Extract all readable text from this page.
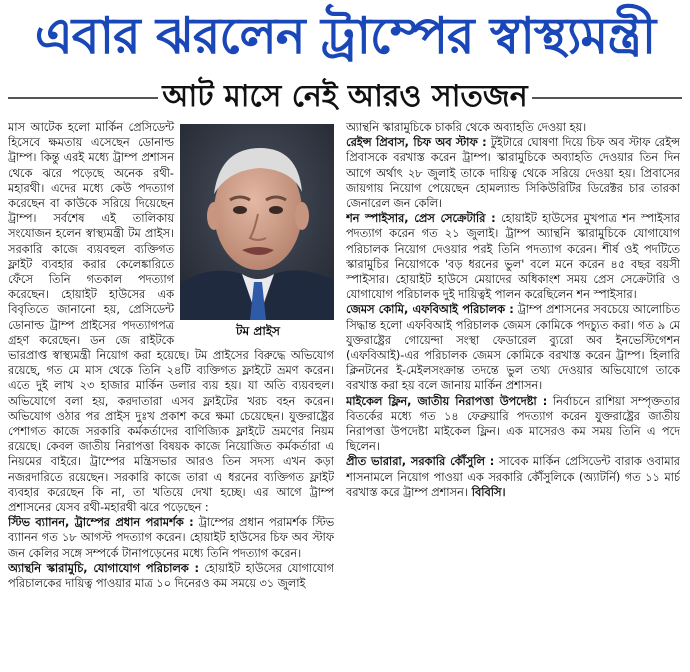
এবার ঝরলেন ট্রাম্পের স্বাস্থ্যমন্ত্রী
আট মাসে নেই আরও সাতজন
টম প্রাইস

মাস আটেক হলো মার্কিন প্রেসিডেন্ট হিসেবে ক্ষমতায় এসেছেন ডোনাল্ড ট্রাম্প। কিন্তু এরই মধ্যে ট্রাম্প প্রশাসন থেকে ঝরে পড়েছে অনেক রথী-মহারথী। এদের মধ্যে কেউ পদত্যাগ করেছেন বা কাউকে সরিয়ে দিয়েছেন ট্রাম্প। সর্বশেষ এই তালিকায় সংযোজন হলেন স্বাস্থ্যমন্ত্রী টম প্রাইস। সরকারি কাজে ব্যয়বহুল ব্যক্তিগত ফ্লাইট ব্যবহার করার কেলেঙ্কারিতে ফেঁসে তিনি গতকাল পদত্যাগ করেছেন। হোয়াইট হাউসের এক বিবৃতিতে জানানো হয়, প্রেসিডেন্ট ডোনাল্ড ট্রাম্প প্রাইসের পদত্যাগপত্র গ্রহণ করেছেন। ডন জে রাইটকে ভারপ্রাপ্ত স্বাস্থ্যমন্ত্রী নিয়োগ করা হয়েছে। টম প্রাইসের বিরুদ্ধে অভিযোগ রয়েছে, গত মে মাস থেকে তিনি ২৪টি ব্যক্তিগত ফ্লাইটে ভ্রমণ করেন। এতে দুই লাখ ২৩ হাজার মার্কিন ডলার ব্যয় হয়। যা অতি ব্যয়বহুল। অভিযোগে বলা হয়, করদাতারা এসব ফ্লাইটের খরচ বহন করেন। অভিযোগ ওঠার পর প্রাইস দুঃখ প্রকাশ করে ক্ষমা চেয়েছেন। যুক্তরাষ্ট্রের পেশাগত কাজে সরকারি কর্মকর্তাদের বাণিজ্যিক ফ্লাইটে ভ্রমণের নিয়ম রয়েছে। কেবল জাতীয় নিরাপত্তা বিষয়ক কাজে নিয়োজিত কর্মকর্তারা এ নিয়মের বাইরে। ট্রাম্পের মন্ত্রিসভার আরও তিন সদস্য এখন কড়া নজরদারিতে রয়েছেন। সরকারি কাজে তারা এ ধরনের ব্যক্তিগত ফ্লাইট ব্যবহার করেছেন কি না, তা খতিয়ে দেখা হচ্ছে। এর আগে ট্রাম্প প্রশাসনের যেসব রথী-মহারথী ঝরে পড়েছেন :

স্টিভ ব্যাানন, ট্রাম্পের প্রধান পরামর্শক : ট্রাম্পের প্রধান পরামর্শক স্টিভ ব্যাানন গত ১৮ আগস্ট পদত্যাগ করেন। হোয়াইট হাউসের চিফ অব স্টাফ জন কেলির সঙ্গে সম্পর্কে টানাপড়েনের মধ্যে তিনি পদত্যাগ করেন।

অ্যান্থনি স্কারামুচি, যোগাযোগ পরিচালক : হোয়াইট হাউসের যোগাযোগ পরিচালকের দায়িত্ব পাওয়ার মাত্র ১০ দিনেরও কম সময়ে ৩১ জুলাই

অ্যান্থনি স্কারামুচিকে চাকরি থেকে অব্যাহতি দেওয়া হয়।

রেইন্স প্রিবাস, চিফ অব স্টাফ : টুইটারে ঘোষণা দিয়ে চিফ অব স্টাফ রেইন্স প্রিবাসকে বরখাস্ত করেন ট্রাম্প। স্কারামুচিকে অব্যাহতি দেওয়ার তিন দিন আগে অর্থাৎ ২৮ জুলাই তাকে দায়িত্ব থেকে সরিয়ে দেওয়া হয়। প্রিবাসের জায়গায় নিয়োগ পেয়েছেন হোমল্যান্ড সিকিউরিটির ডিরেক্টর চার তারকা জেনারেল জন কেলি।

শন স্পাইসার, প্রেস সেক্রেটারি : হোয়াইট হাউসের মুখপাত্র শন স্পাইসার পদত্যাগ করেন গত ২১ জুলাই। ট্রাম্প অ্যান্থনি স্কারামুচিকে যোগাযোগ পরিচালক নিয়োগ দেওয়ার পরই তিনি পদত্যাগ করেন। শীর্ষ ওই পদটিতে স্কারামুচির নিয়োগকে 'বড় ধরনের ভুল' বলে মনে করেন ৪৫ বছর বয়সী স্পাইসার। হোয়াইট হাউসে মেয়াদের অধিকাংশ সময় প্রেস সেক্রেটারি ও যোগাযোগ পরিচালক দুই দায়িত্বই পালন করেছিলেন শন স্পাইসার।

জেমস কোমি, এফবিআই পরিচালক : ট্রাম্প প্রশাসনের সবচেয়ে আলোচিত সিদ্ধান্ত হলো এফবিআই পরিচালক জেমস কোমিকে পদচ্যুত করা। গত ৯ মে যুক্তরাষ্ট্রের গোয়েন্দা সংস্থা ফেডারেল ব্যুরো অব ইনভেস্টিগেশন (এফবিআই)-এর পরিচালক জেমস কোমিকে বরখাস্ত করেন ট্রাম্প। হিলারি ক্লিনটনের ই-মেইলসংক্রান্ত তদন্তে ভুল তথ্য দেওয়ার অভিযোগে তাকে বরখাস্ত করা হয় বলে জানায় মার্কিন প্রশাসন।

মাইকেল ফ্লিন, জাতীয় নিরাপত্তা উপদেষ্টা : নির্বাচনে রাশিয়া সম্পৃক্ততার বিতর্কের মধ্যে গত ১৪ ফেব্রুয়ারি পদত্যাগ করেন যুক্তরাষ্ট্রের জাতীয় নিরাপত্তা উপদেষ্টা মাইকেল ফ্লিন। এক মাসেরও কম সময় তিনি এ পদে ছিলেন।

প্রীত ভারারা, সরকারি কৌঁসুলি : সাবেক মার্কিন প্রেসিডেন্ট বারাক ওবামার শাসনামলে নিয়োগ পাওয়া এক সরকারি কৌঁসুলিকে (অ্যাটর্নি) গত ১১ মার্চ বরখাস্ত করে ট্রাম্প প্রশাসন। বিবিসি।
